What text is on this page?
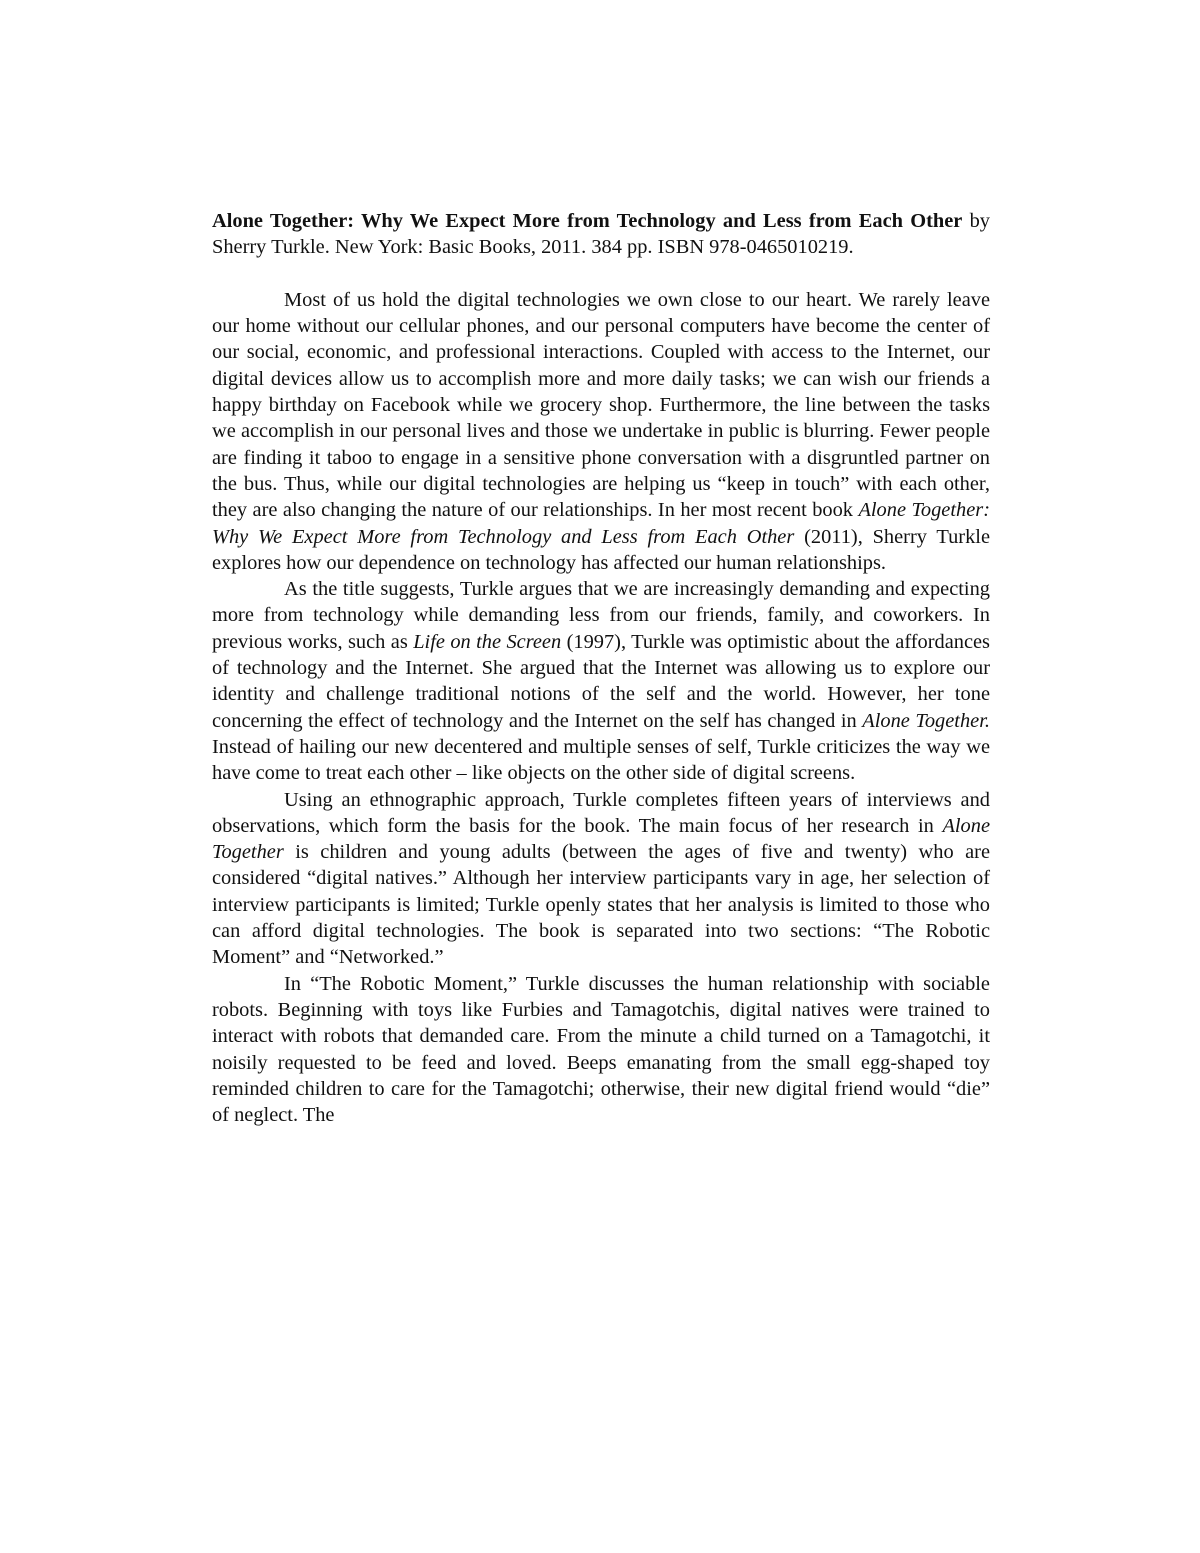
Alone Together: Why We Expect More from Technology and Less from Each Other by Sherry Turkle. New York: Basic Books, 2011. 384 pp. ISBN 978-0465010219.

Most of us hold the digital technologies we own close to our heart. We rarely leave our home without our cellular phones, and our personal computers have become the center of our social, economic, and professional interactions. Coupled with access to the Internet, our digital devices allow us to accomplish more and more daily tasks; we can wish our friends a happy birthday on Facebook while we grocery shop. Furthermore, the line between the tasks we accomplish in our personal lives and those we undertake in public is blurring. Fewer people are finding it taboo to engage in a sensitive phone conversation with a disgruntled partner on the bus. Thus, while our digital technologies are helping us “keep in touch” with each other, they are also changing the nature of our relationships. In her most recent book Alone Together: Why We Expect More from Technology and Less from Each Other (2011), Sherry Turkle explores how our dependence on technology has affected our human relationships.

As the title suggests, Turkle argues that we are increasingly demanding and expecting more from technology while demanding less from our friends, family, and coworkers. In previous works, such as Life on the Screen (1997), Turkle was optimistic about the affordances of technology and the Internet. She argued that the Internet was allowing us to explore our identity and challenge traditional notions of the self and the world. However, her tone concerning the effect of technology and the Internet on the self has changed in Alone Together. Instead of hailing our new decentered and multiple senses of self, Turkle criticizes the way we have come to treat each other – like objects on the other side of digital screens.

Using an ethnographic approach, Turkle completes fifteen years of interviews and observations, which form the basis for the book. The main focus of her research in Alone Together is children and young adults (between the ages of five and twenty) who are considered “digital natives.” Although her interview participants vary in age, her selection of interview participants is limited; Turkle openly states that her analysis is limited to those who can afford digital technologies. The book is separated into two sections: “The Robotic Moment” and “Networked.”

In “The Robotic Moment,” Turkle discusses the human relationship with sociable robots. Beginning with toys like Furbies and Tamagotchis, digital natives were trained to interact with robots that demanded care. From the minute a child turned on a Tamagotchi, it noisily requested to be feed and loved. Beeps emanating from the small egg-shaped toy reminded children to care for the Tamagotchi; otherwise, their new digital friend would “die” of neglect. The
